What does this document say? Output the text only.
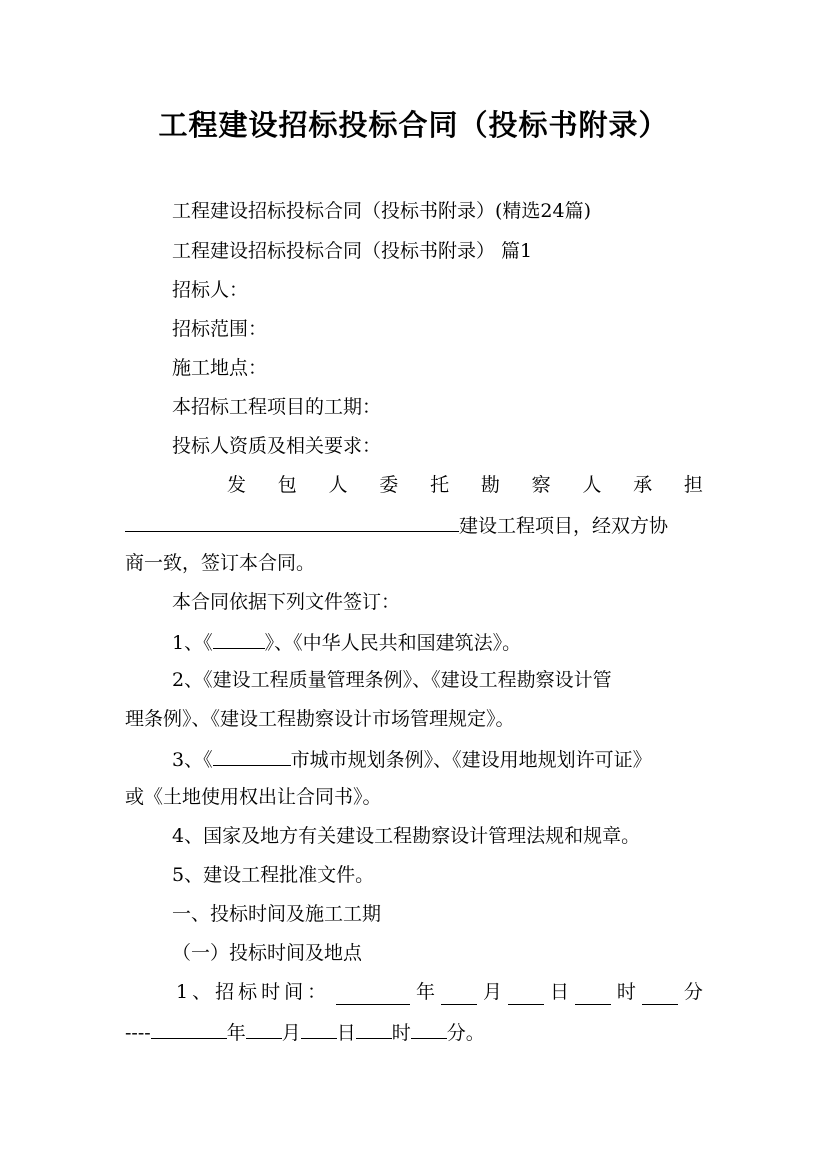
工程建设招标投标合同（投标书附录）
工程建设招标投标合同（投标书附录）(精选24篇)
工程建设招标投标合同（投标书附录） 篇1
招标人：
招标范围：
施工地点：
本招标工程项目的工期：
投标人资质及相关要求：
发 包 人 委 托 勘 察 人 承 担
建设工程项目，经双方协
商一致，签订本合同。
本合同依据下列文件签订：
1、《	》、《中华人民共和国建筑法》。
2、《建设工程质量管理条例》、《建设工程勘察设计管
理条例》、《建设工程勘察设计市场管理规定》。
3、《	市城市规划条例》、《建设用地规划许可证》
或《土地使用权出让合同书》。
4、国家及地方有关建设工程勘察设计管理法规和规章。
5、建设工程批准文件。
一、投标时间及施工工期
（一）投标时间及地点
1、招标时间：	年	月	日	时	分
----	年 月 日 时 分。
